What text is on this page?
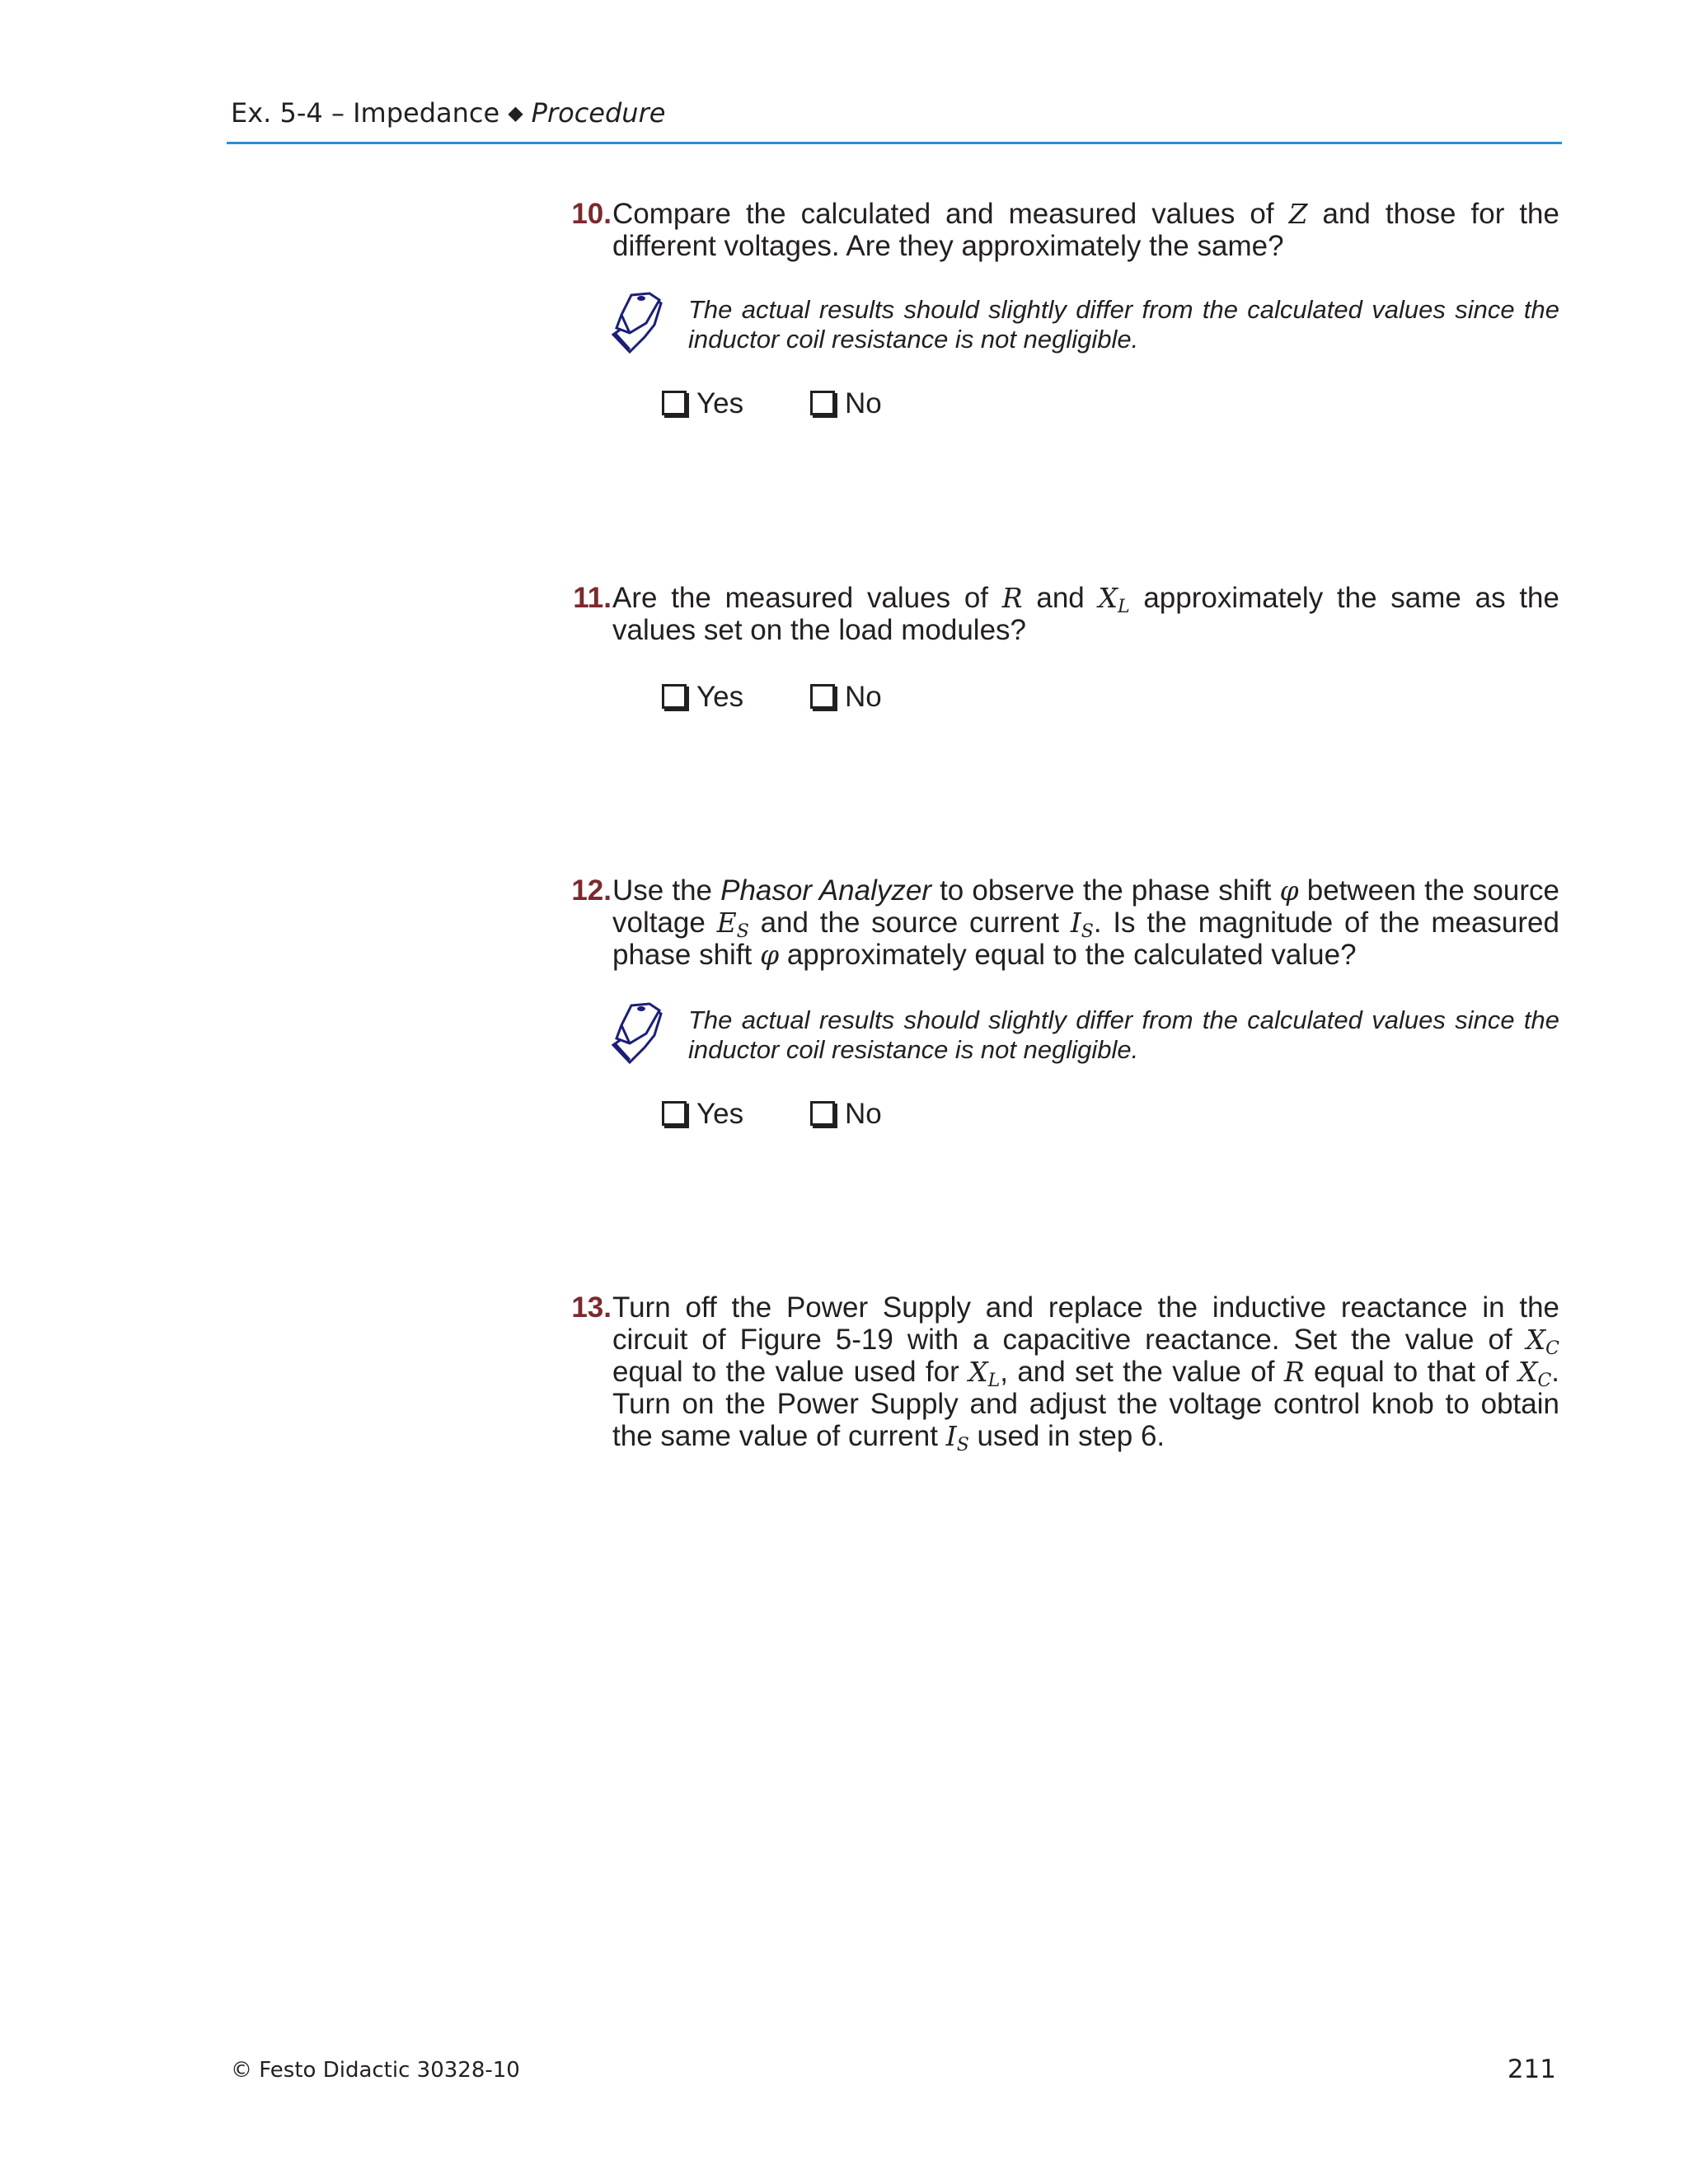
Ex. 5-4 – Impedance ◆ Procedure
10. Compare the calculated and measured values of Z and those for the different voltages. Are they approximately the same?
The actual results should slightly differ from the calculated values since the inductor coil resistance is not negligible.
Yes	No
11. Are the measured values of R and $X_L$ approximately the same as the values set on the load modules?
Yes	No
12. Use the Phasor Analyzer to observe the phase shift φ between the source voltage $E_S$ and the source current $I_S$. Is the magnitude of the measured phase shift φ approximately equal to the calculated value?
The actual results should slightly differ from the calculated values since the inductor coil resistance is not negligible.
Yes	No
13. Turn off the Power Supply and replace the inductive reactance in the circuit of Figure 5-19 with a capacitive reactance. Set the value of $X_C$ equal to the value used for $X_L$, and set the value of R equal to that of $X_C$. Turn on the Power Supply and adjust the voltage control knob to obtain the same value of current $I_S$ used in step 6.
© Festo Didactic 30328-10	211
